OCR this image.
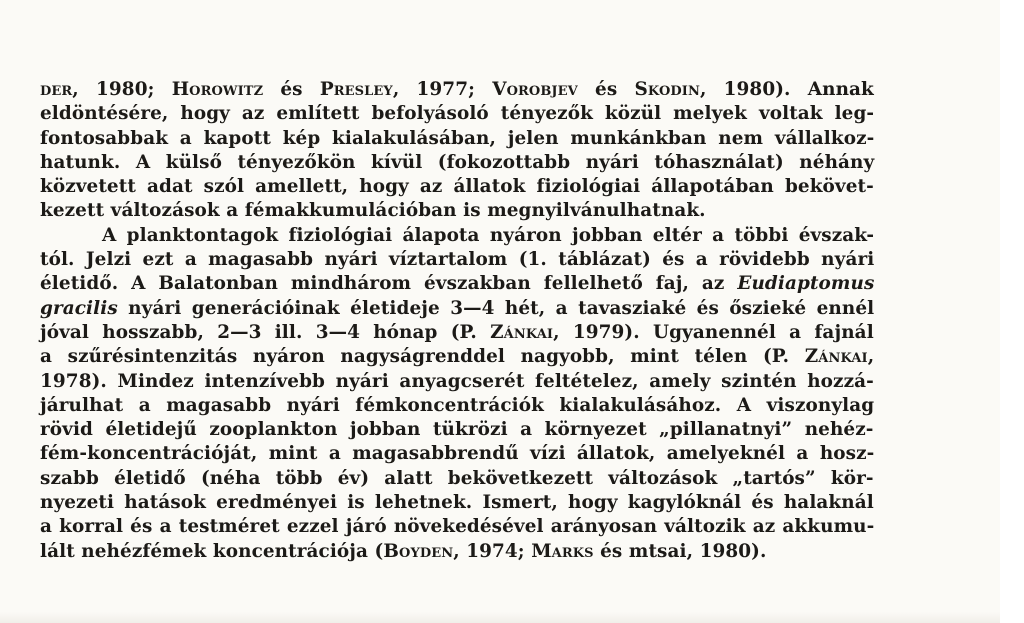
der, 1980; Horowitz és Presley, 1977; Vorobjev és Skodin, 1980). Annak
eldöntésére, hogy az említett befolyásoló tényezők közül melyek voltak leg-
fontosabbak a kapott kép kialakulásában, jelen munkánkban nem vállalkoz-
hatunk. A külső tényezőkön kívül (fokozottabb nyári tóhasználat) néhány
közvetett adat szól amellett, hogy az állatok fiziológiai állapotában bekövet-
kezett változások a fémakkumulációban is megnyilvánulhatnak.
A planktontagok fiziológiai álapota nyáron jobban eltér a többi évszak-
tól. Jelzi ezt a magasabb nyári víztartalom (1. táblázat) és a rövidebb nyári
életidő. A Balatonban mindhárom évszakban fellelhető faj, az Eudiaptomus
gracilis nyári generációinak életideje 3—4 hét, a tavasziaké és őszieké ennél
jóval hosszabb, 2—3 ill. 3—4 hónap (P. Zánkai, 1979). Ugyanennél a fajnál
a szűrésintenzitás nyáron nagyságrenddel nagyobb, mint télen (P. Zánkai,
1978). Mindez intenzívebb nyári anyagcserét feltételez, amely szintén hozzá-
járulhat a magasabb nyári fémkoncentrációk kialakulásához. A viszonylag
rövid életidejű zooplankton jobban tükrözi a környezet „pillanatnyi” nehéz-
fém-koncentrációját, mint a magasabbrendű vízi állatok, amelyeknél a hosz-
szabb életidő (néha több év) alatt bekövetkezett változások „tartós” kör-
nyezeti hatások eredményei is lehetnek. Ismert, hogy kagylóknál és halaknál
a korral és a testméret ezzel járó növekedésével arányosan változik az akkumu-
lált nehézfémek koncentrációja (Boyden, 1974; Marks és mtsai, 1980).
